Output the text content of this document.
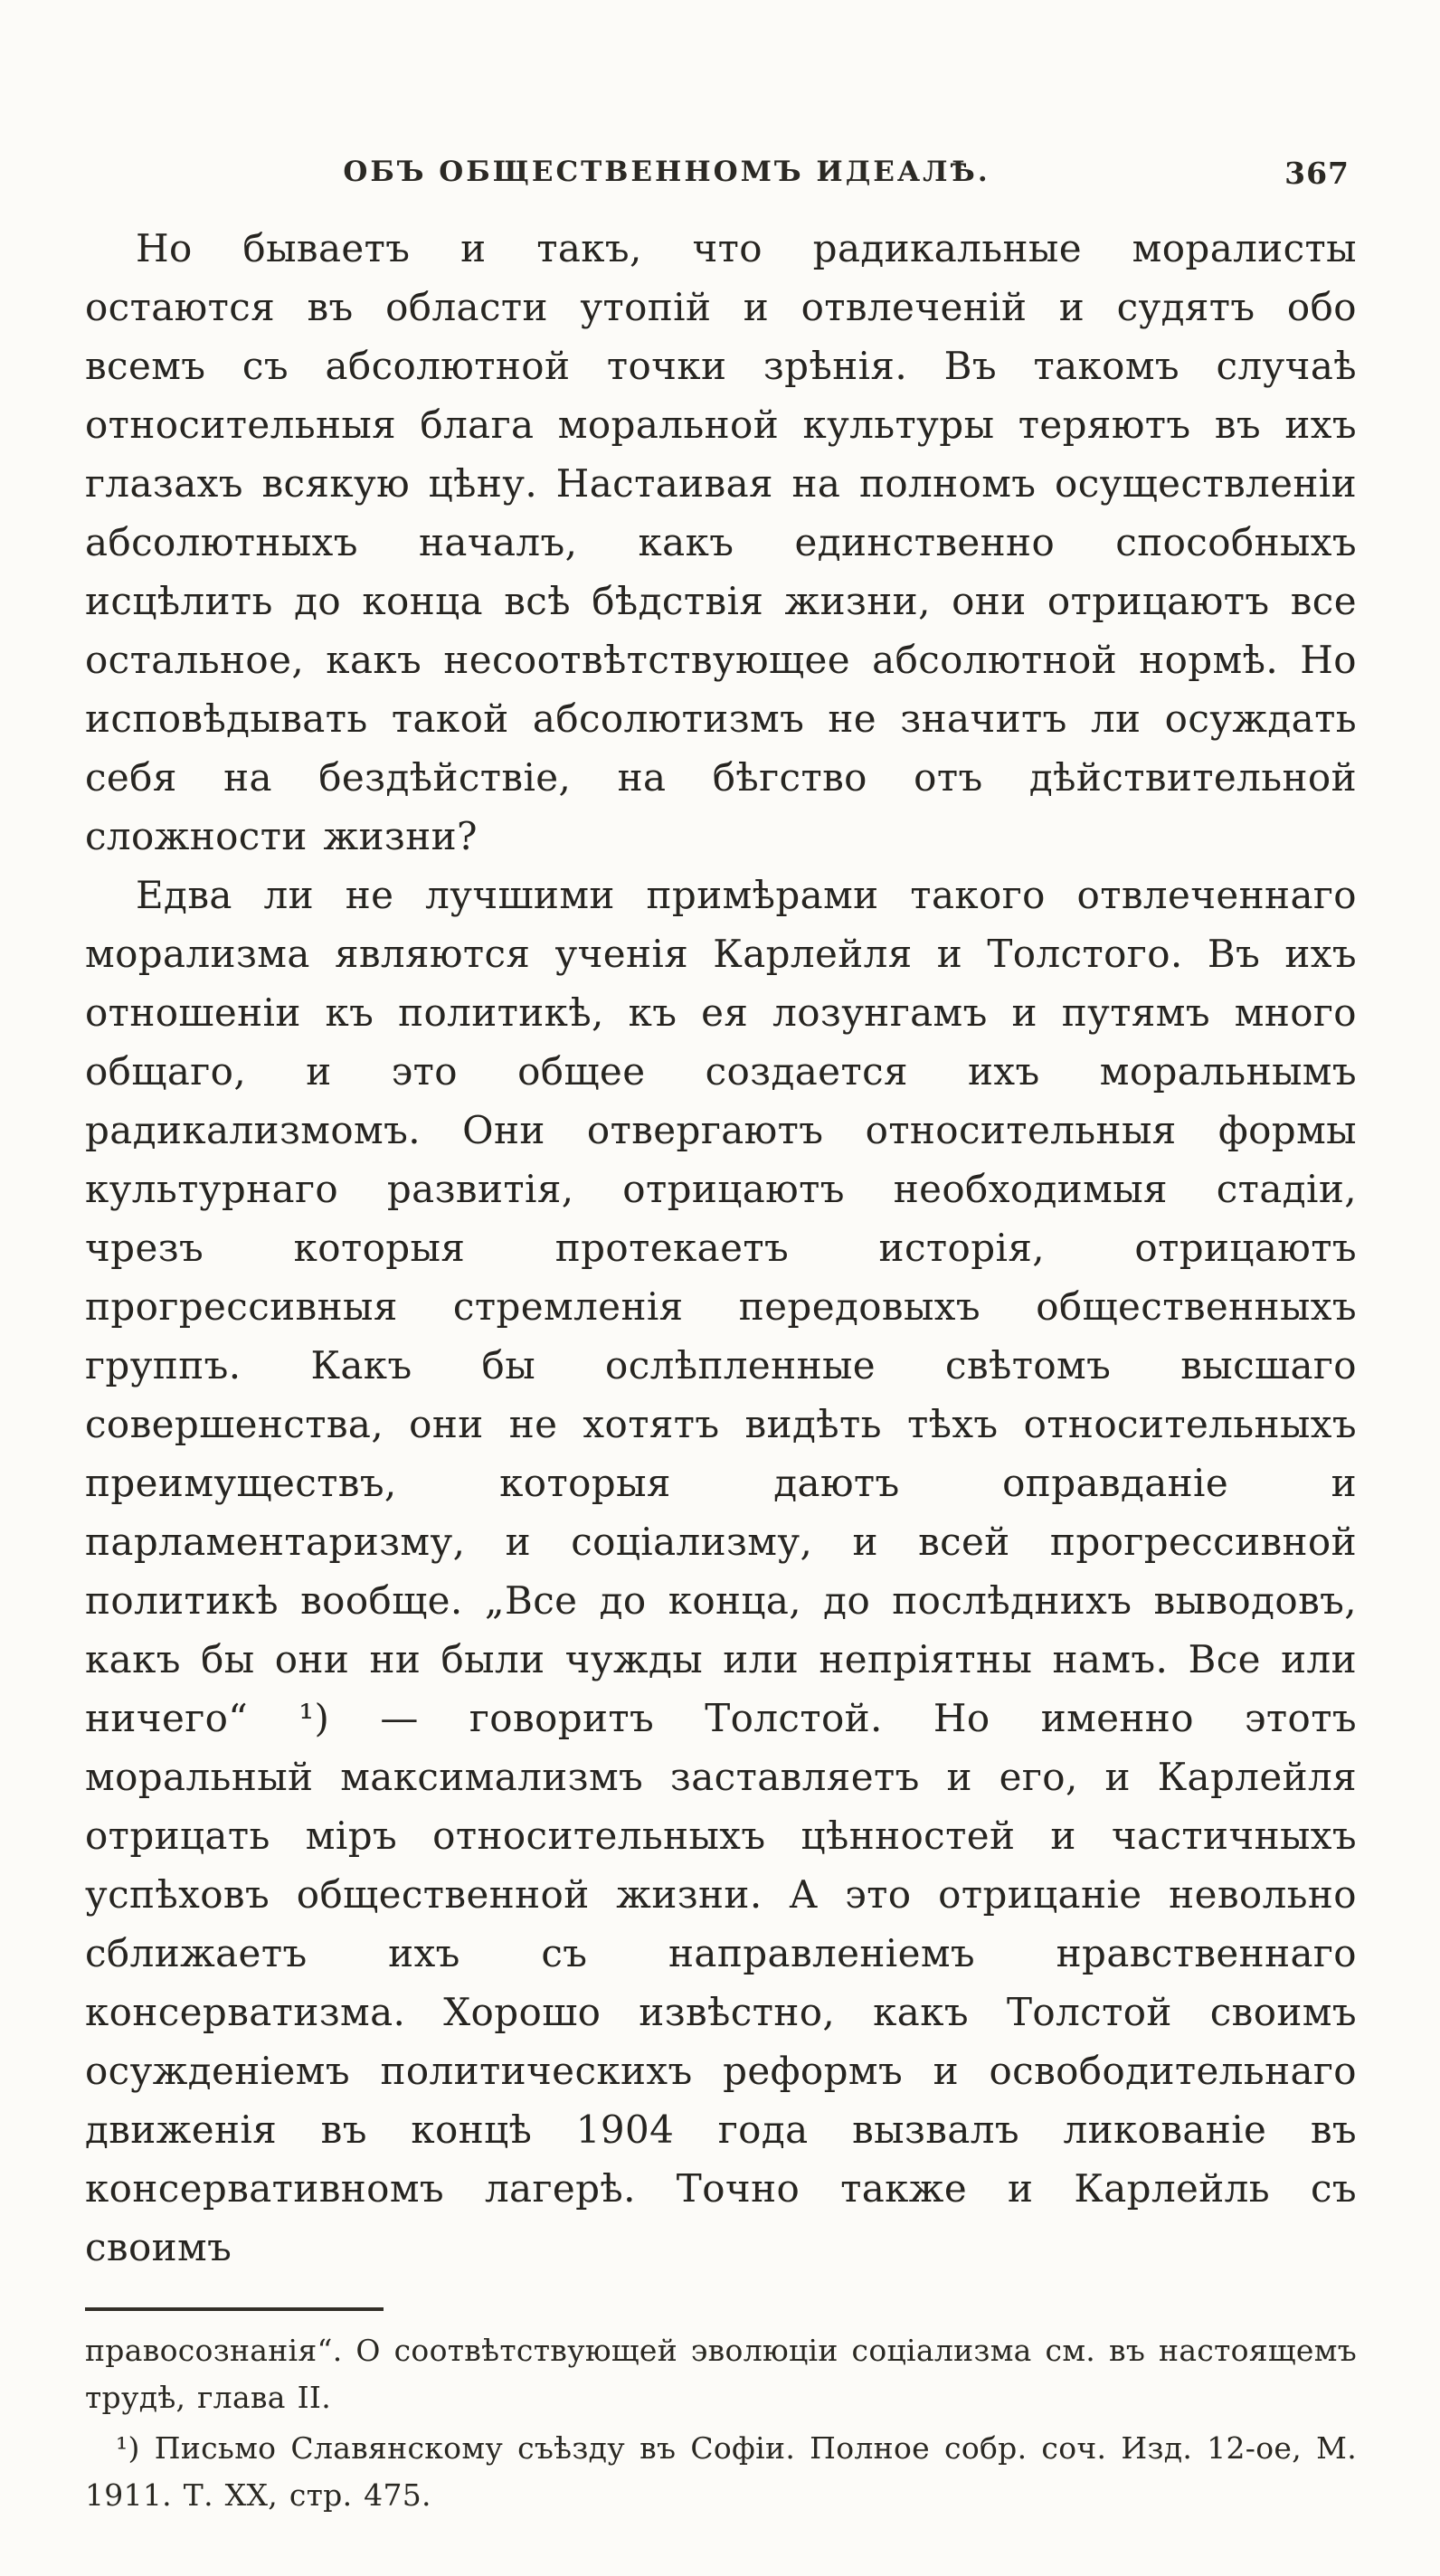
ОБЪ ОБЩЕСТВЕННОМЪ ИДЕАЛѢ.	367

Но бываетъ и такъ, что радикальные моралисты остаются въ области утопій и отвлеченій и судятъ обо всемъ съ абсолютной точки зрѣнія. Въ такомъ случаѣ относительныя блага моральной культуры теряютъ въ ихъ глазахъ всякую цѣну. Настаивая на полномъ осуществленіи абсолютныхъ началъ, какъ единственно способныхъ исцѣлить до конца всѣ бѣдствія жизни, они отрицаютъ все остальное, какъ несоотвѣтствующее абсолютной нормѣ. Но исповѣдывать такой абсолютизмъ не значитъ ли осуждать себя на бездѣйствіе, на бѣгство отъ дѣйствительной сложности жизни?

Едва ли не лучшими примѣрами такого отвлеченнаго морализма являются ученія Карлейля и Толстого. Въ ихъ отношеніи къ политикѣ, къ ея лозунгамъ и путямъ много общаго, и это общее создается ихъ моральнымъ радикализмомъ. Они отвергаютъ относительныя формы культурнаго развитія, отрицаютъ необходимыя стадіи, чрезъ которыя протекаетъ исторія, отрицаютъ прогрессивныя стремленія передовыхъ общественныхъ группъ. Какъ бы ослѣпленные свѣтомъ высшаго совершенства, они не хотятъ видѣть тѣхъ относительныхъ преимуществъ, которыя даютъ оправданіе и парламентаризму, и соціализму, и всей прогрессивной политикѣ вообще. „Все до конца, до послѣднихъ выводовъ, какъ бы они ни были чужды или непріятны намъ. Все или ничего“ ¹) — говоритъ Толстой. Но именно этотъ моральный максимализмъ заставляетъ и его, и Карлейля отрицать міръ относительныхъ цѣнностей и частичныхъ успѣховъ общественной жизни. А это отрицаніе невольно сближаетъ ихъ съ направленіемъ нравственнаго консерватизма. Хорошо извѣстно, какъ Толстой своимъ осужденіемъ политическихъ реформъ и освободительнаго движенія въ концѣ 1904 года вызвалъ ликованіе въ консервативномъ лагерѣ. Точно также и Карлейль съ своимъ

правосознанія“. О соотвѣтствующей эволюціи соціализма см. въ настоящемъ трудѣ, глава II.

¹) Письмо Славянскому съѣзду въ Софіи. Полное собр. соч. Изд. 12-ое, М. 1911. Т. XX, стр. 475.
